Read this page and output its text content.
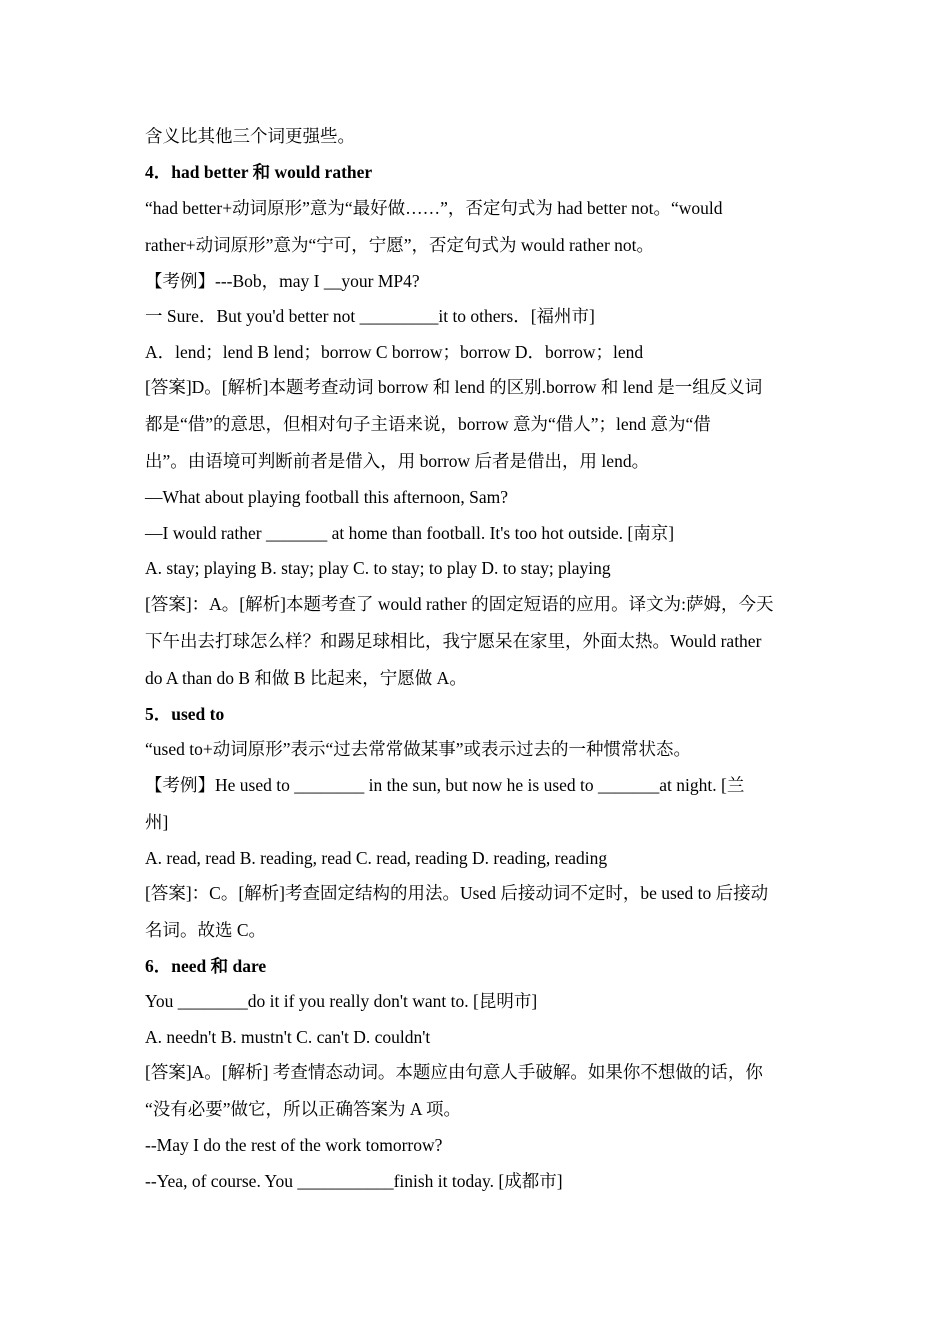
含义比其他三个词更强些。

4．had better 和 would rather

“had better+动词原形”意为“最好做……”，否定句式为 had better not。“would

rather+动词原形”意为“宁可，宁愿”，否定句式为 would rather not。

【考例】---Bob，may I __your MP4?

一 Sure．But you'd better not _________it to others．[福州市]

A．lend；lend B lend；borrow C borrow；borrow D．borrow；lend

[答案]D。[解析]本题考查动词 borrow 和 lend 的区别.borrow 和 lend 是一组反义词

都是“借”的意思，但相对句子主语来说，borrow 意为“借人”；lend 意为“借

出”。由语境可判断前者是借入，用 borrow 后者是借出，用 lend。

—What about playing football this afternoon, Sam?

—I would rather _______ at home than football. It's too hot outside. [南京]

A. stay; playing B. stay; play C. to stay; to play D. to stay; playing

[答案]：A。[解析]本题考查了 would rather 的固定短语的应用。译文为:萨姆，今天

下午出去打球怎么样？和踢足球相比，我宁愿呆在家里，外面太热。Would rather

do A than do B 和做 B 比起来，宁愿做 A。

5．used to

“used to+动词原形”表示“过去常常做某事”或表示过去的一种惯常状态。

【考例】He used to ________ in the sun, but now he is used to _______at night. [兰

州]

A. read, read B. reading, read C. read, reading D. reading, reading

[答案]：C。[解析]考查固定结构的用法。Used 后接动词不定时，be used to 后接动

名词。故选 C。

6．need 和 dare

You ________do it if you really don't want to. [昆明市]

A. needn't B. mustn't C. can't D. couldn't

[答案]A。[解析] 考查情态动词。本题应由句意人手破解。如果你不想做的话，你

“没有必要”做它，所以正确答案为 A 项。

--May I do the rest of the work tomorrow?

--Yea, of course. You ___________finish it today. [成都市]
